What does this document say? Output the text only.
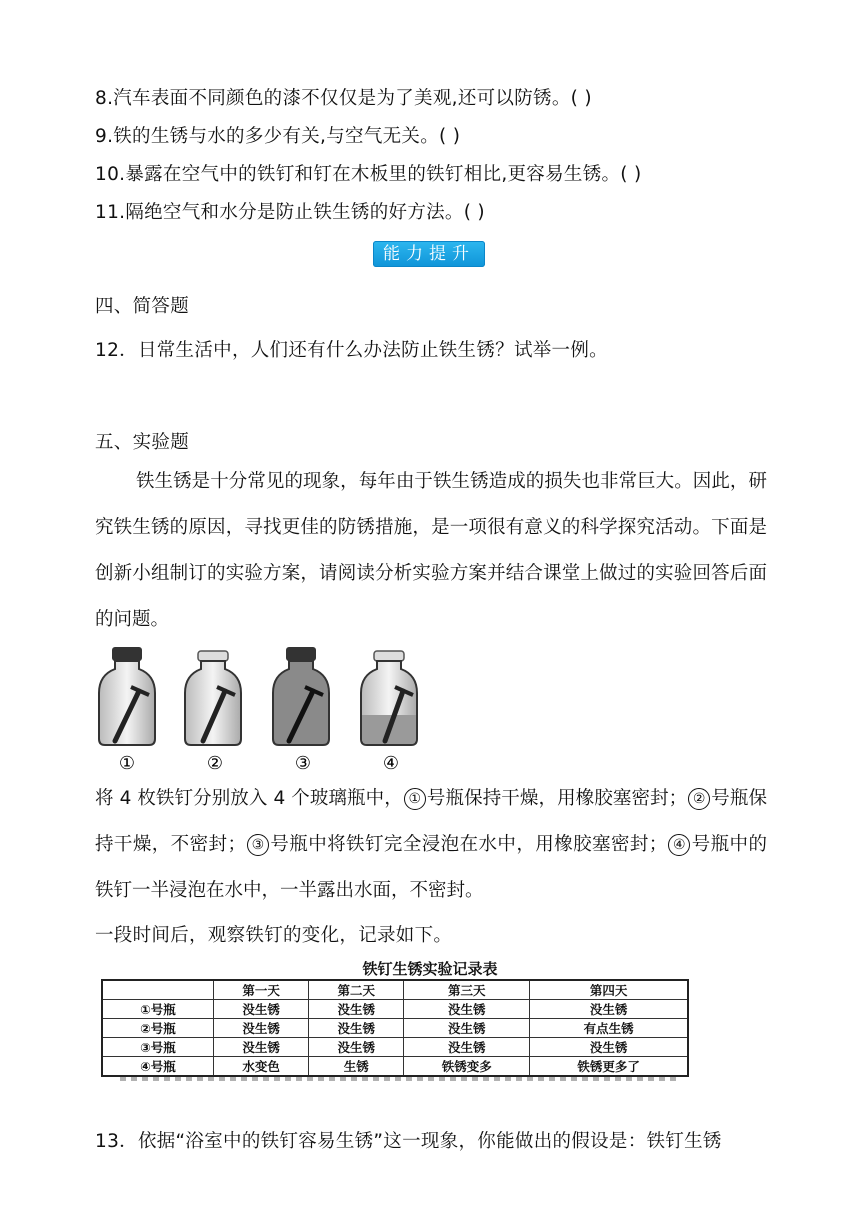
8.汽车表面不同颜色的漆不仅仅是为了美观,还可以防锈。( )
9.铁的生锈与水的多少有关,与空气无关。( )
10.暴露在空气中的铁钉和钉在木板里的铁钉相比,更容易生锈。( )
11.隔绝空气和水分是防止铁生锈的好方法。( )
能力提升
四、简答题
12．日常生活中，人们还有什么办法防止铁生锈？试举一例。
五、实验题
铁生锈是十分常见的现象，每年由于铁生锈造成的损失也非常巨大。因此，研究铁生锈的原因，寻找更佳的防锈措施，是一项很有意义的科学探究活动。下面是创新小组制订的实验方案，请阅读分析实验方案并结合课堂上做过的实验回答后面的问题。
①	②	③	④
将 4 枚铁钉分别放入 4 个玻璃瓶中， ① 号瓶保持干燥，用橡胶塞密封； ② 号瓶保持干燥，不密封； ③ 号瓶中将铁钉完全浸泡在水中，用橡胶塞密封； ④ 号瓶中的铁钉一半浸泡在水中，一半露出水面，不密封。
一段时间后，观察铁钉的变化，记录如下。
铁钉生锈实验记录表
	第一天	第二天	第三天	第四天
①号瓶	没生锈	没生锈	没生锈	没生锈
②号瓶	没生锈	没生锈	没生锈	有点生锈
③号瓶	没生锈	没生锈	没生锈	没生锈
④号瓶	水变色	生锈	铁锈变多	铁锈更多了
13．依据“浴室中的铁钉容易生锈”这一现象，你能做出的假设是：铁钉生锈
